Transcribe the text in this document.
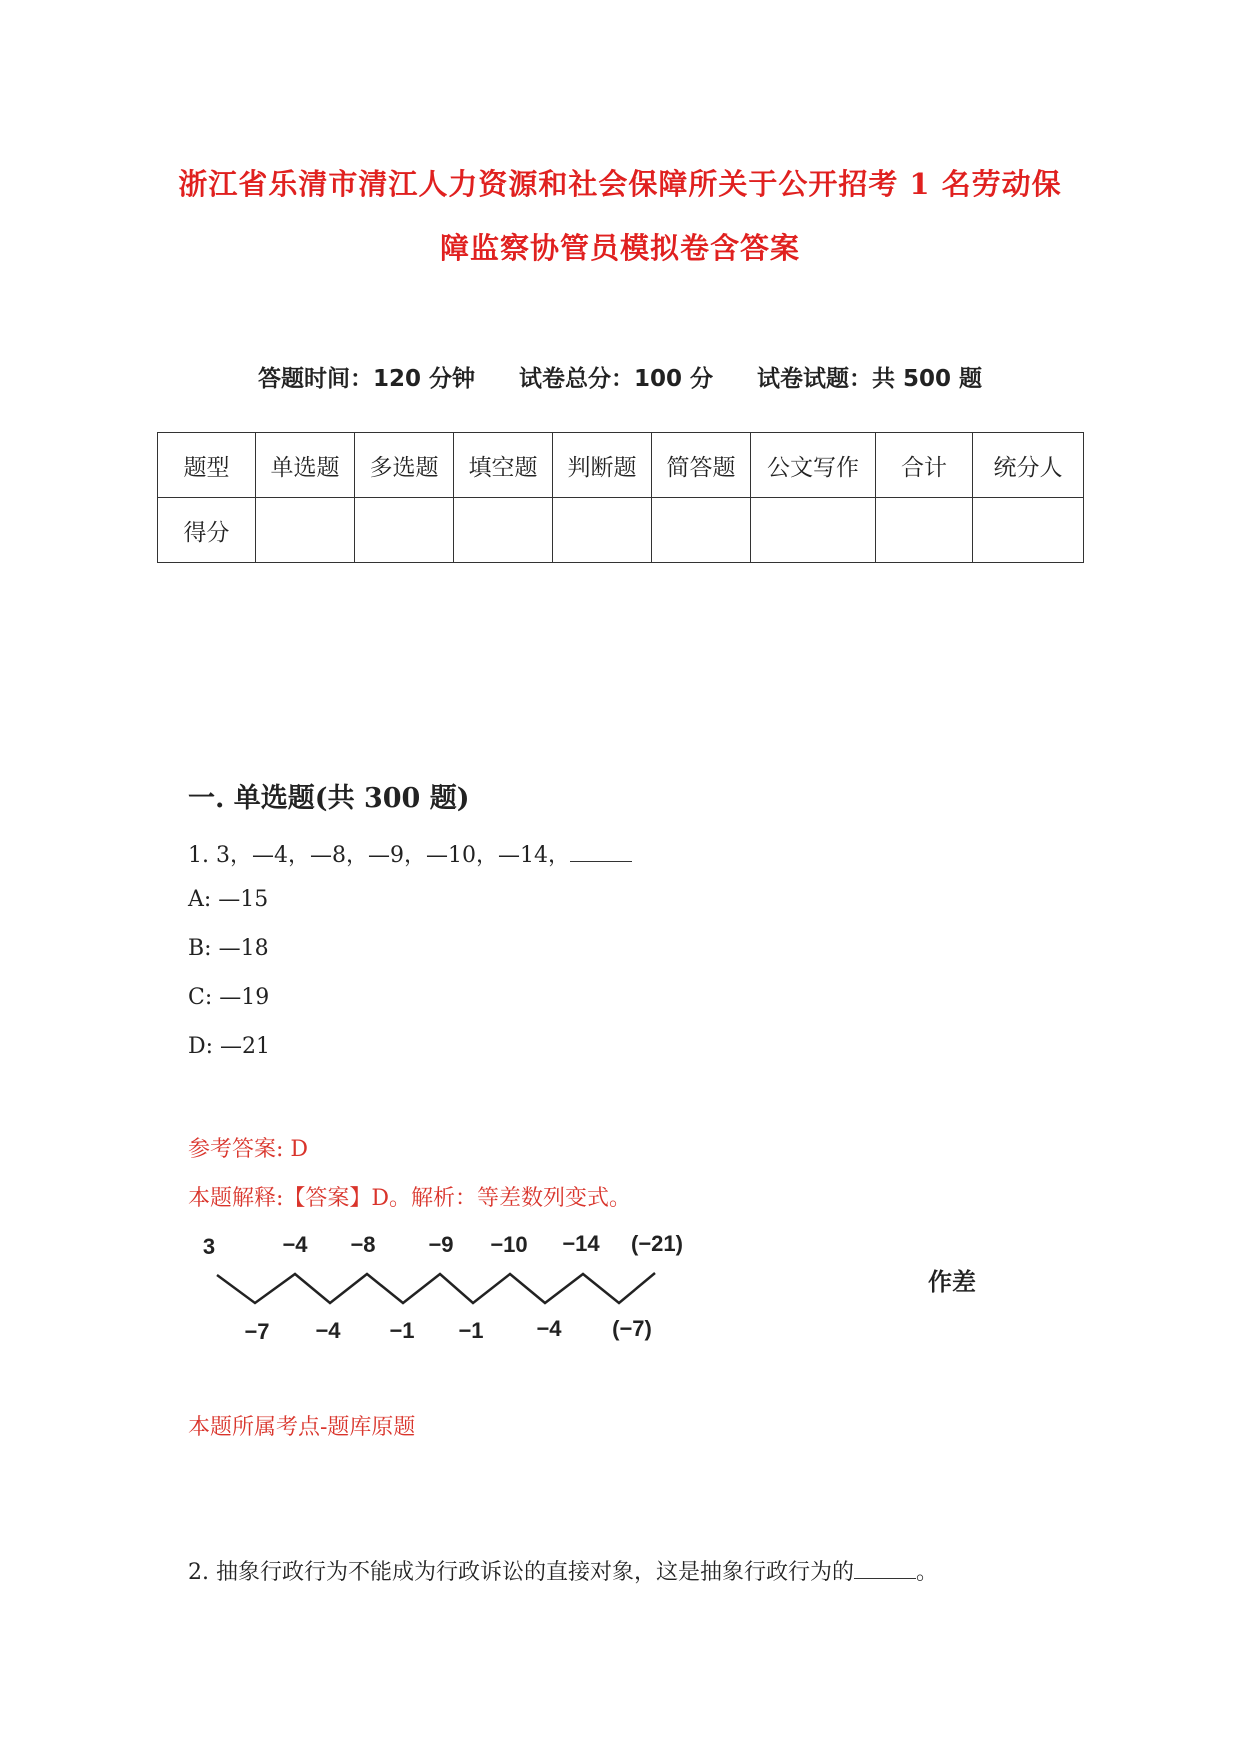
浙江省乐清市清江人力资源和社会保障所关于公开招考 1 名劳动保
障监察协管员模拟卷含答案
答题时间：120 分钟 试卷总分：100 分 试卷试题：共 500 题
题型	单选题	多选题	填空题	判断题	简答题	公文写作	合计	统分人
得分								
一. 单选题(共 300 题)
1. 3，—4，—8，—9，—10，—14，
A: —15
B: —18
C: —19
D: —21
参考答案: D
本题解释:【答案】D。解析：等差数列变式。
3	−4 −8 −9 −10 −14 (−21)
−7 −4 −1 −1 −4 (−7)
作差
本题所属考点-题库原题
2. 抽象行政行为不能成为行政诉讼的直接对象，这是抽象行政行为的	。
